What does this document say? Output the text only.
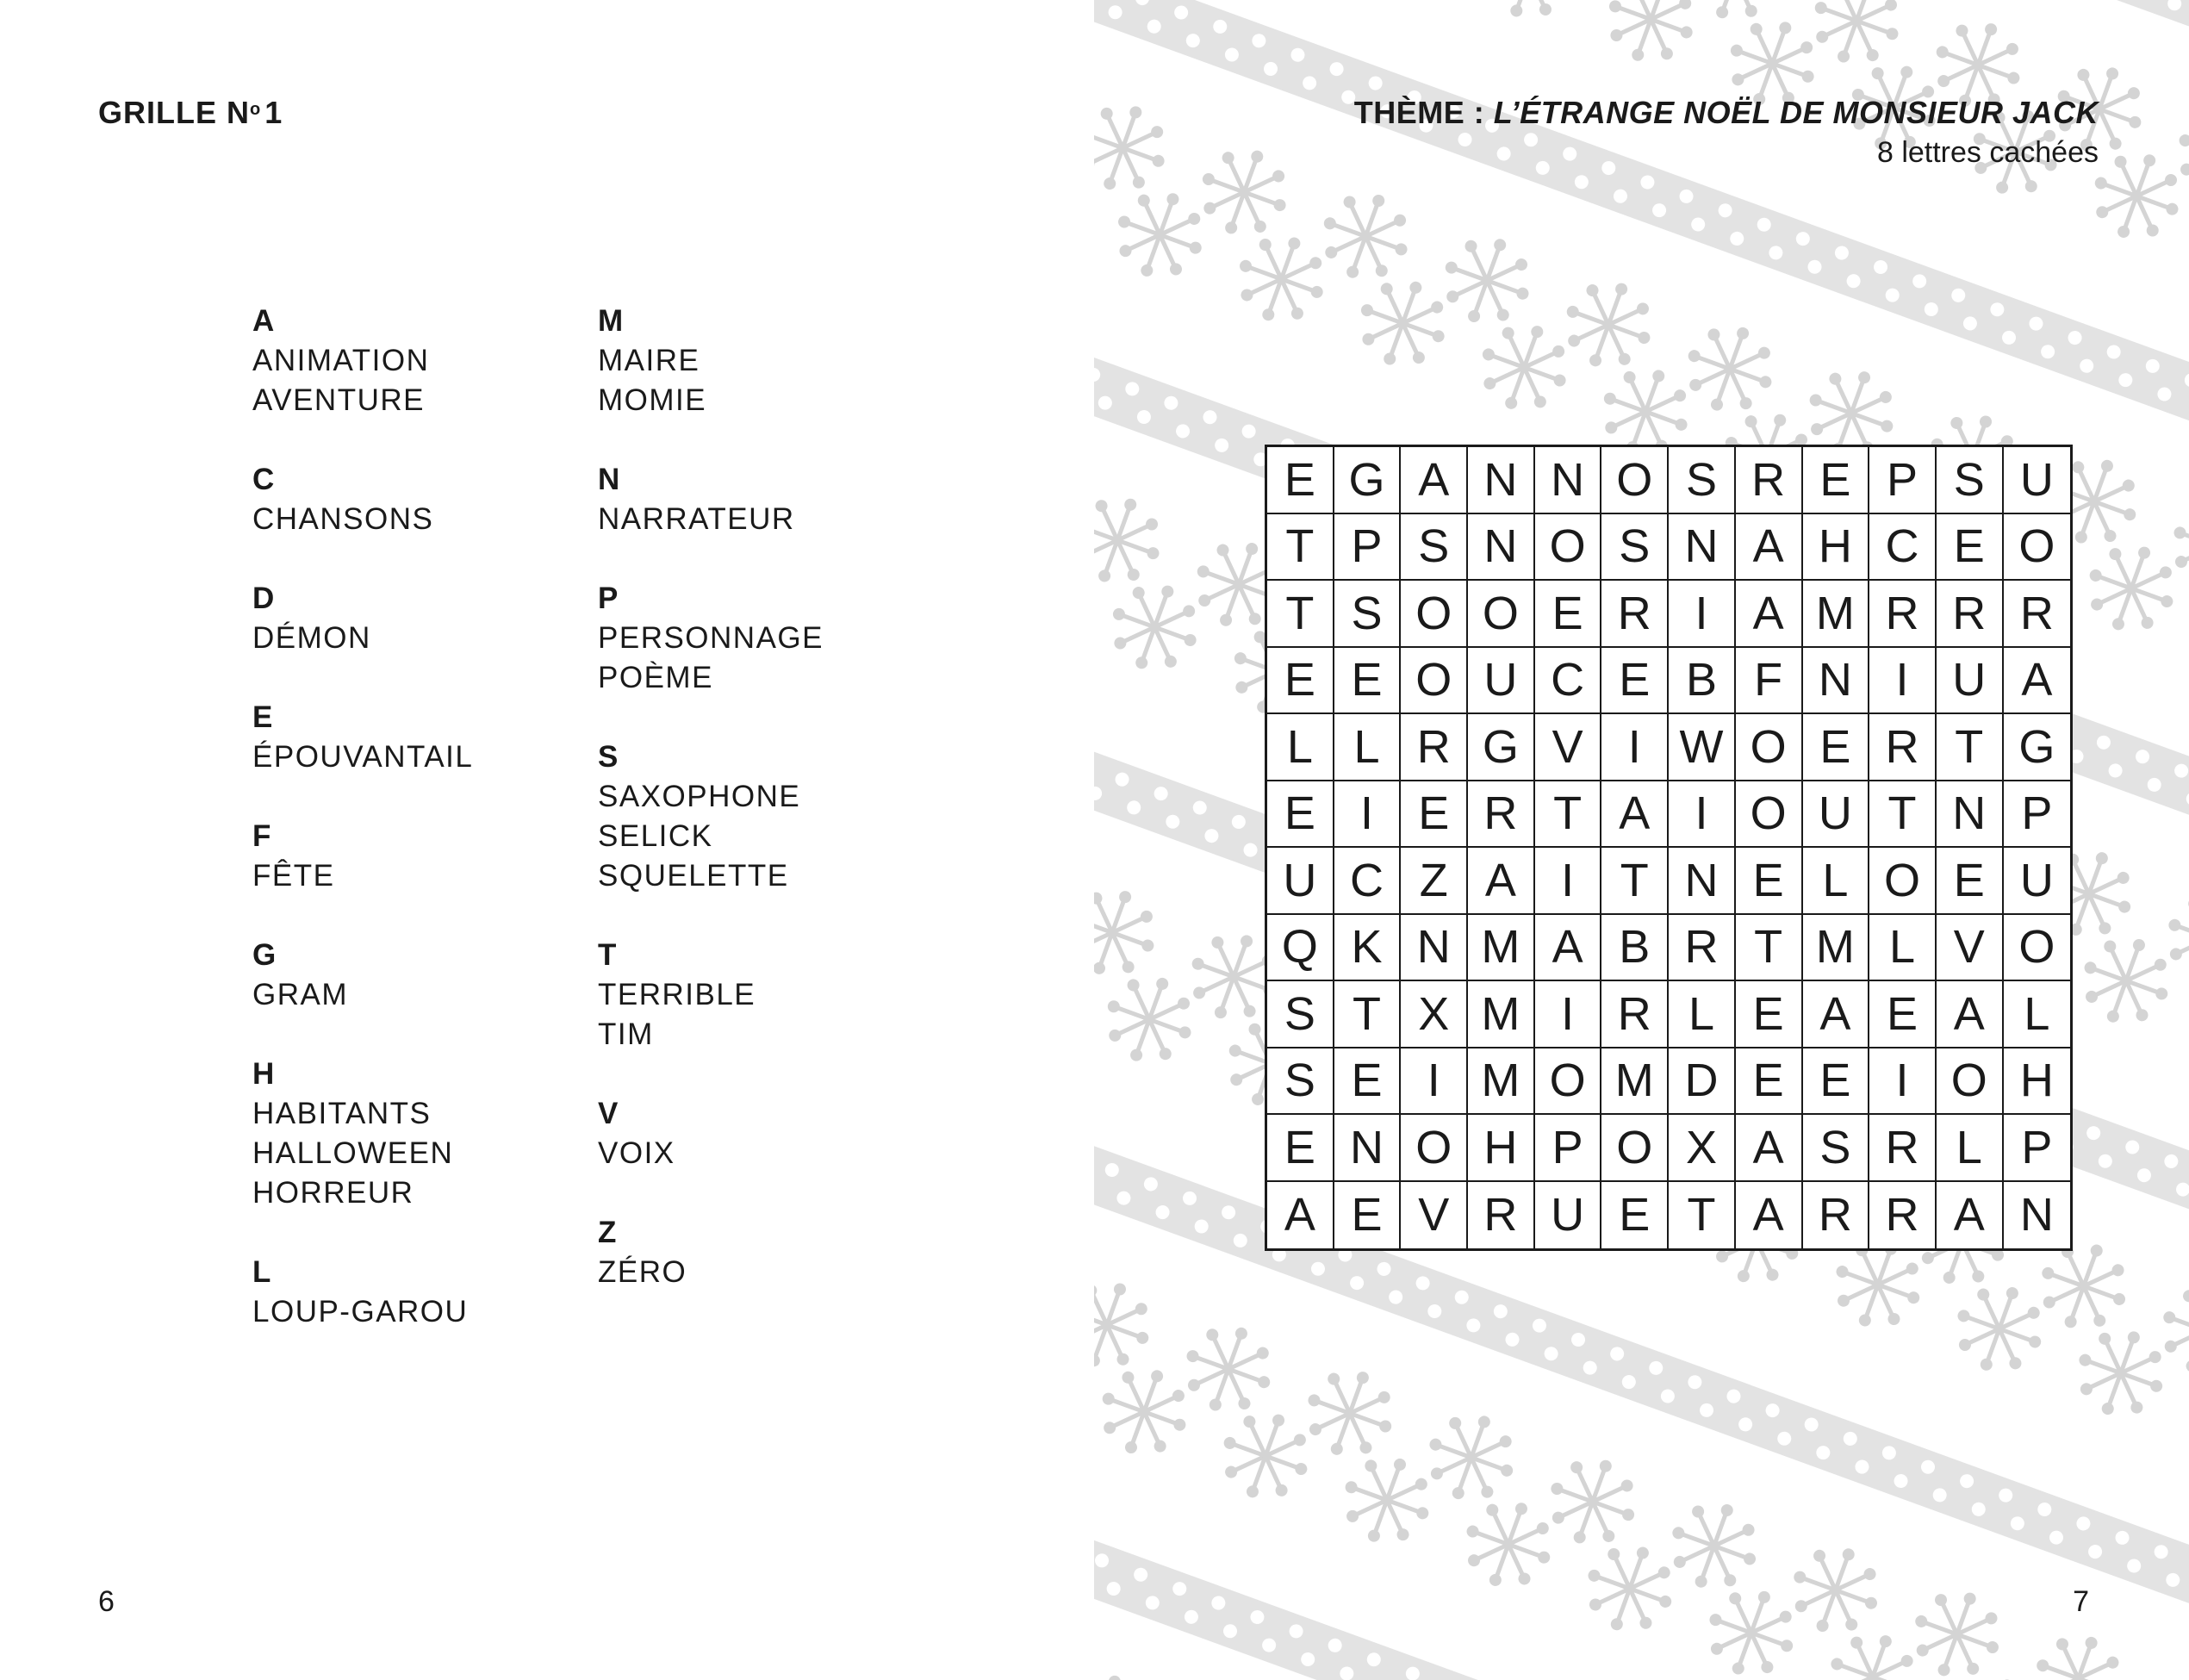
GRILLE $N^o$ 1
A
ANIMATION
AVENTURE
C
CHANSONS
D
DÉMON
E
ÉPOUVANTAIL
F
FÊTE
G
GRAM
H
HABITANTS
HALLOWEEN
HORREUR
L
LOUP-GAROU
M
MAIRE
MOMIE
N
NARRATEUR
P
PERSONNAGE
POÈME
S
SAXOPHONE
SELICK
SQUELETTE
T
TERRIBLE
TIM
V
VOIX
Z
ZÉRO
6
THÈME : L’ÉTRANGE NOËL DE MONSIEUR JACK
8 lettres cachées
7
E G A N N O S R E P S U
T P S N O S N A H C E O
T S O O E R I A M R R R
E E O U C E B F N I U A
L L R G V I W O E R T G
E I E R T A I O U T N P
U C Z A I T N E L O E U
Q K N M A B R T M L V O
S T X M I R L E A E A L
S E I M O M D E E I O H
E N O H P O X A S R L P
A E V R U E T A R R A N
